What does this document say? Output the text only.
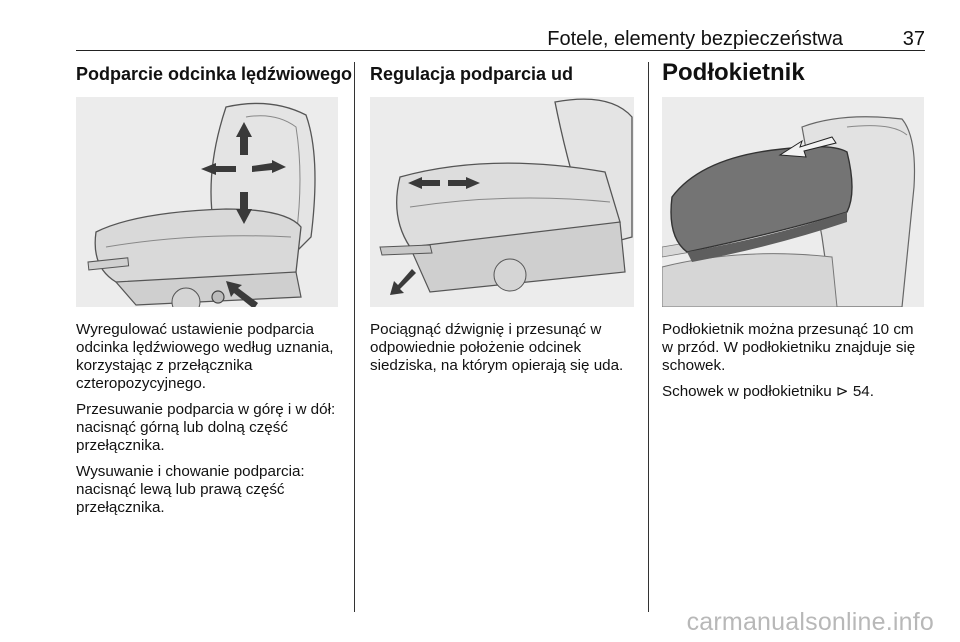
Fotele, elementy bezpieczeństwa	37
Podparcie odcinka lędźwiowego

Wyregulować ustawienie podparcia odcinka lędźwiowego według uznania, korzystając z przełącznika czteropozycyjnego.

Przesuwanie podparcia w górę i w dół: nacisnąć górną lub dolną część przełącznika.

Wysuwanie i chowanie podparcia: nacisnąć lewą lub prawą część przełącznika.

Regulacja podparcia ud

Pociągnąć dźwignię i przesunąć w odpowiednie położenie odcinek siedziska, na którym opierają się uda.

Podłokietnik

Podłokietnik można przesunąć 10 cm w przód. W podłokietniku znajduje się schowek.

Schowek w podłokietniku ⊳ 54.

carmanualsonline.info
